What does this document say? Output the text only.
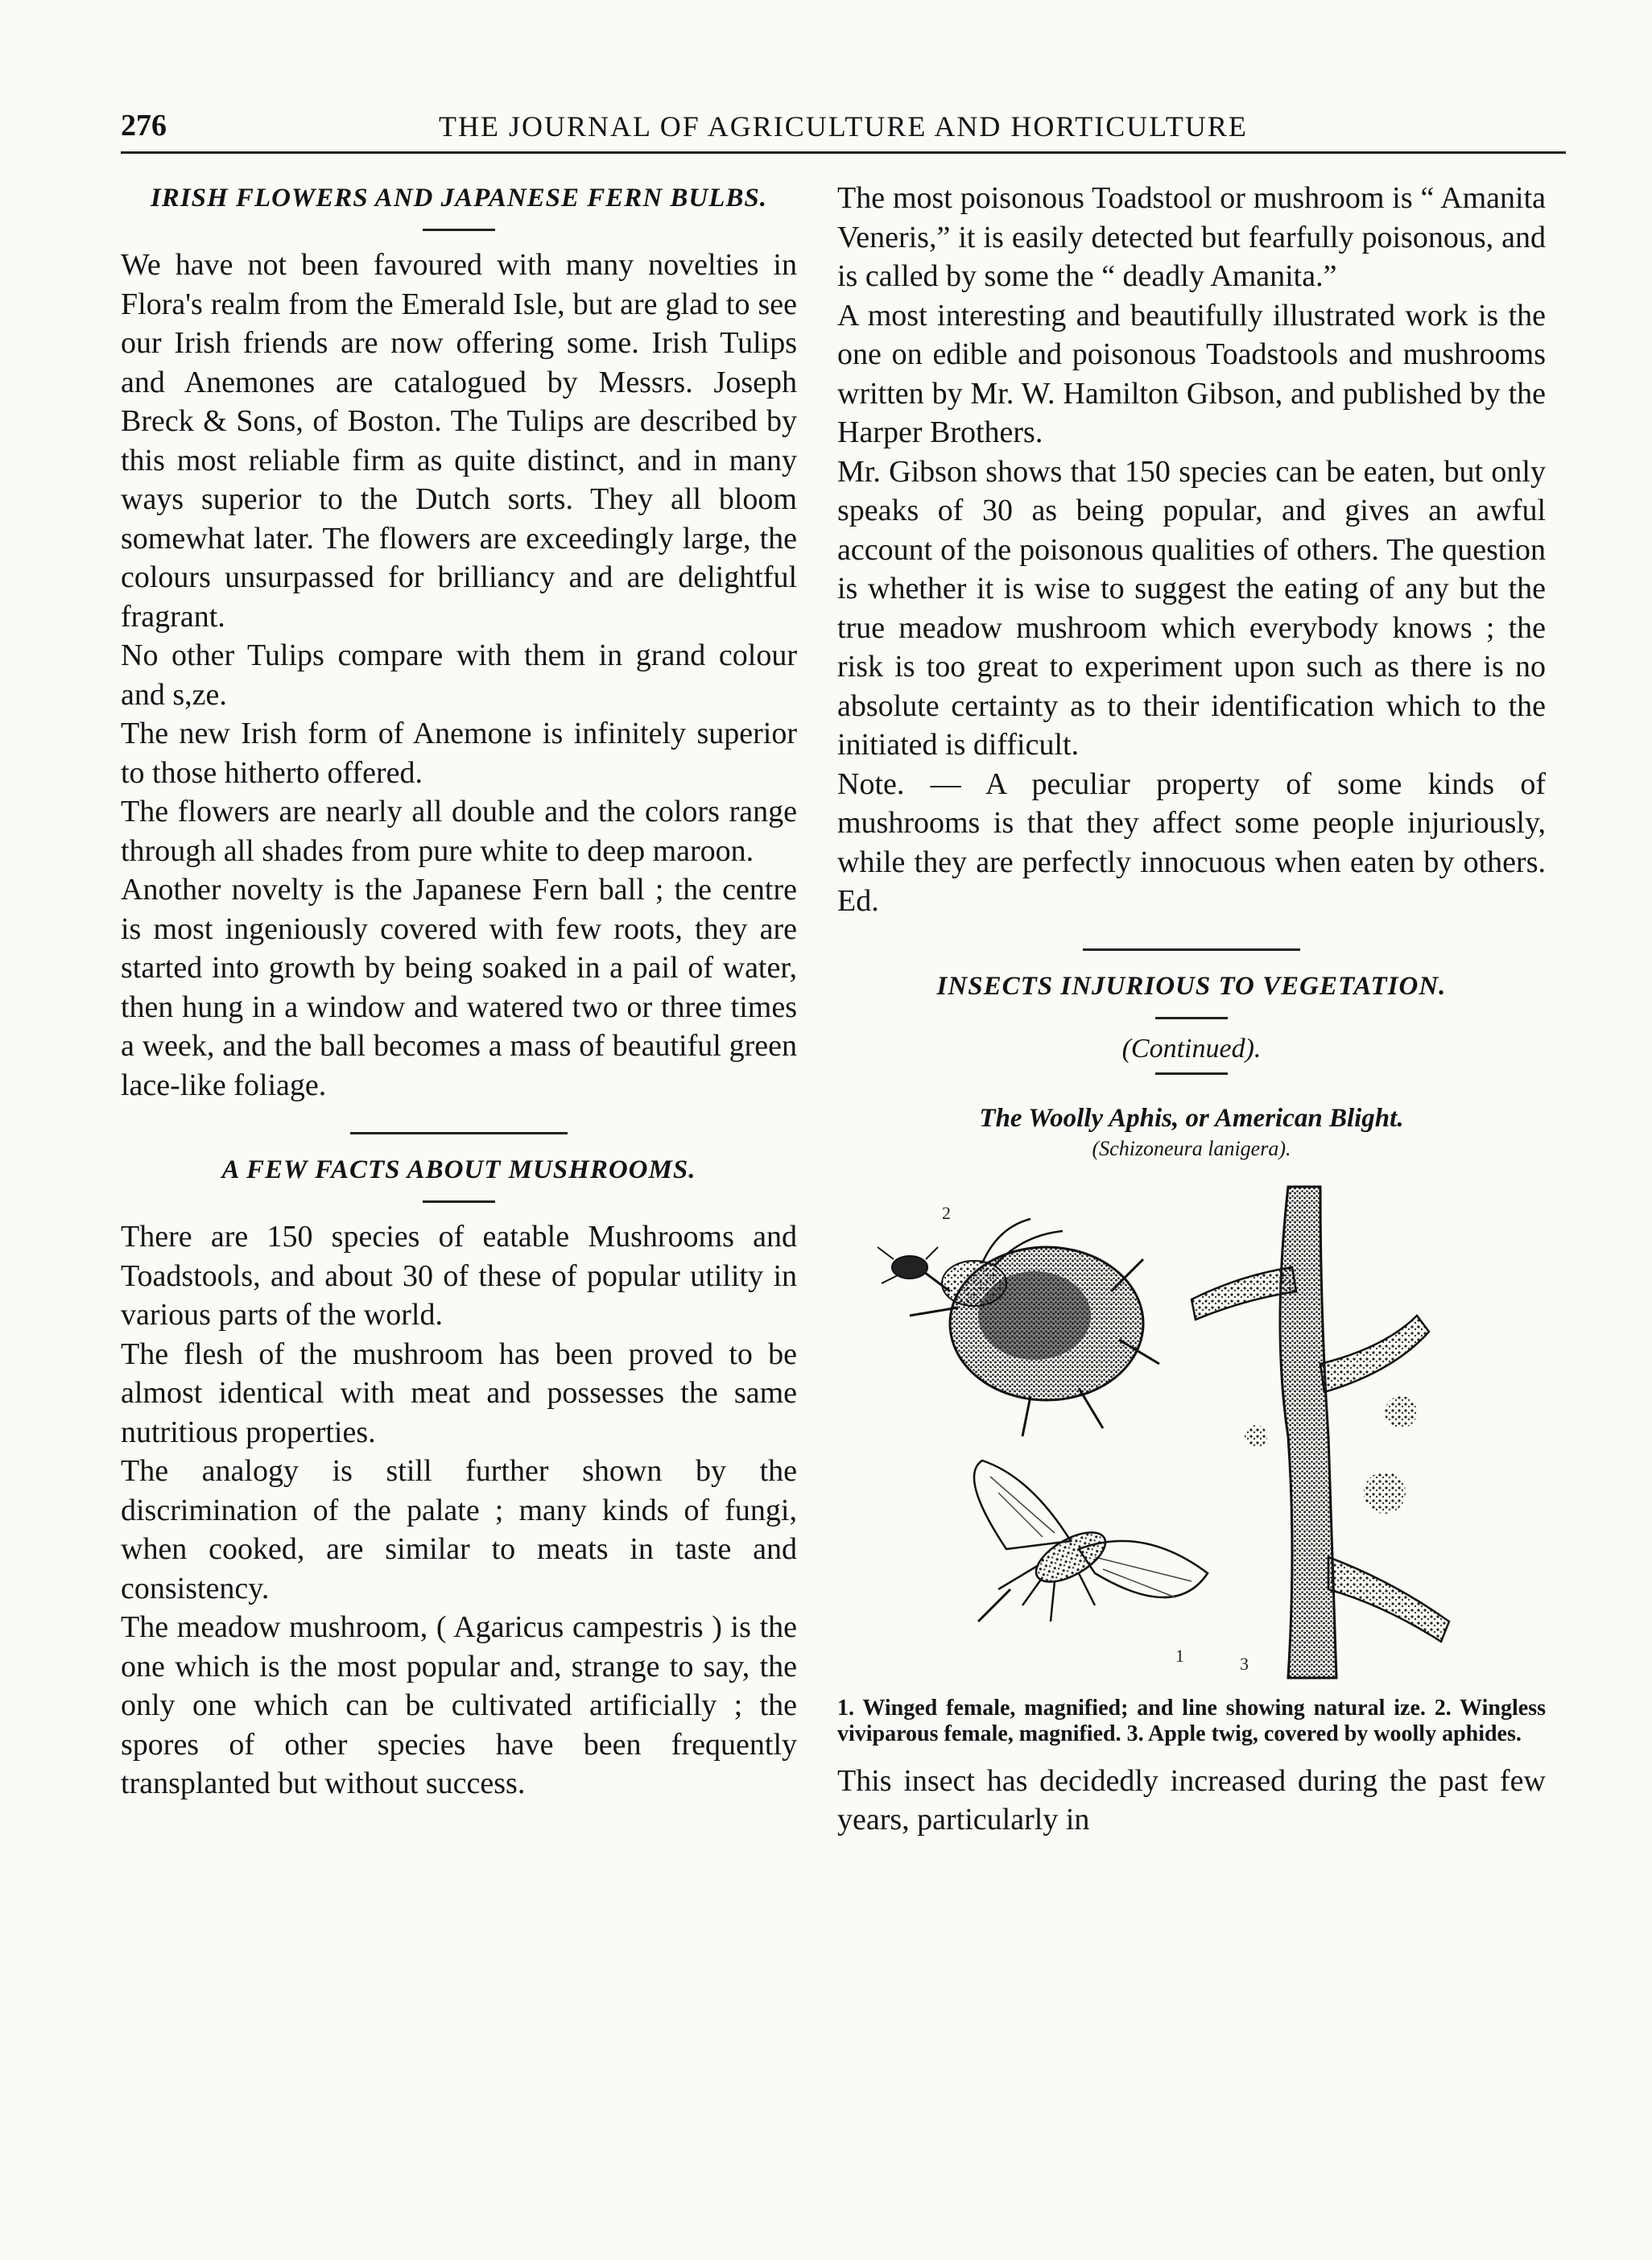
276	THE JOURNAL OF AGRICULTURE AND HORTICULTURE
IRISH FLOWERS AND JAPANESE FERN BULBS.

We have not been favoured with many novelties in Flora's realm from the Emerald Isle, but are glad to see our Irish friends are now offering some. Irish Tulips and Anemones are catalogued by Messrs. Joseph Breck & Sons, of Boston. The Tulips are described by this most reliable firm as quite distinct, and in many ways superior to the Dutch sorts. They all bloom somewhat later. The flowers are exceedingly large, the colours unsurpassed for brilliancy and are delightful fragrant.

No other Tulips compare with them in grand colour and s,ze.

The new Irish form of Anemone is infinitely superior to those hitherto offered.

The flowers are nearly all double and the colors range through all shades from pure white to deep maroon.

Another novelty is the Japanese Fern ball ; the centre is most ingeniously covered with few roots, they are started into growth by being soaked in a pail of water, then hung in a window and watered two or three times a week, and the ball becomes a mass of beautiful green lace-like foliage.

A FEW FACTS ABOUT MUSHROOMS.

There are 150 species of eatable Mushrooms and Toadstools, and about 30 of these of popular utility in various parts of the world.

The flesh of the mushroom has been proved to be almost identical with meat and possesses the same nutritious properties.

The analogy is still further shown by the discrimination of the palate ; many kinds of fungi, when cooked, are similar to meats in taste and consistency.

The meadow mushroom, ( Agaricus campestris ) is the one which is the most popular and, strange to say, the only one which can be cultivated artificially ; the spores of other species have been frequently transplanted but without success.

The most poisonous Toadstool or mushroom is “ Amanita Veneris,” it is easily detected but fearfully poisonous, and is called by some the “ deadly Amanita.”

A most interesting and beautifully illustrated work is the one on edible and poisonous Toadstools and mushrooms written by Mr. W. Hamilton Gibson, and published by the Harper Brothers.

Mr. Gibson shows that 150 species can be eaten, but only speaks of 30 as being popular, and gives an awful account of the poisonous qualities of others. The question is whether it is wise to suggest the eating of any but the true meadow mushroom which everybody knows ; the risk is too great to experiment upon such as there is no absolute certainty as to their identification which to the initiated is difficult.

Note. — A peculiar property of some kinds of mushrooms is that they affect some people injuriously, while they are perfectly innocuous when eaten by others. Ed.

INSECTS INJURIOUS TO VEGETATION.
(Continued).
The Woolly Aphis, or American Blight.
(Schizoneura lanigera).
1
2
3
1. Winged female, magnified; and line showing natural ize. 2. Wingless viviparous female, magnified. 3. Apple twig, covered by woolly aphides.

This insect has decidedly increased during the past few years, particularly in
